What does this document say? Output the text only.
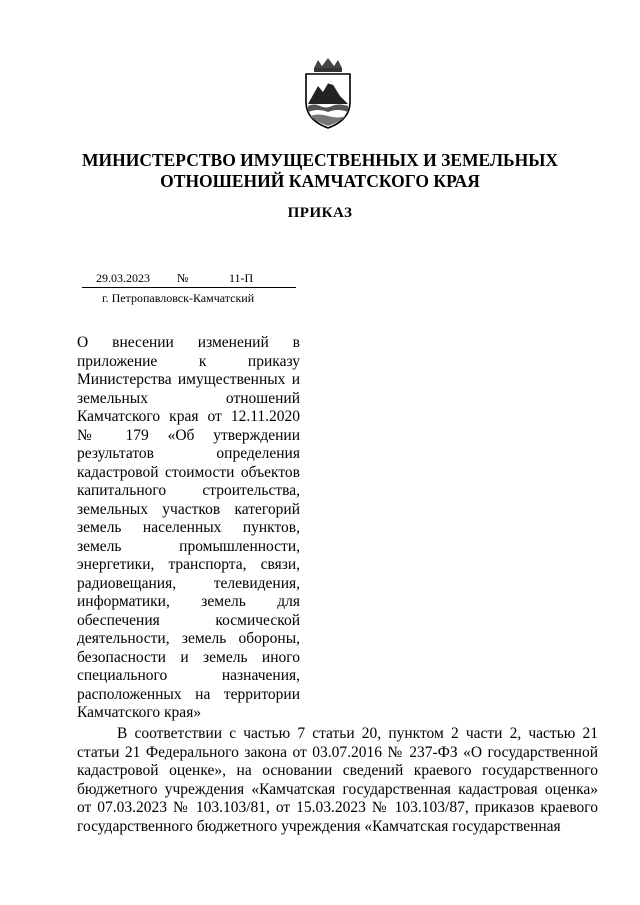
МИНИСТЕРСТВО ИМУЩЕСТВЕННЫХ И ЗЕМЕЛЬНЫХ
ОТНОШЕНИЙ КАМЧАТСКОГО КРАЯ
ПРИКАЗ
29.03.2023 №	11-П
г. Петропавловск-Камчатский
О внесении изменений в приложение к приказу Министерства имущественных и земельных отношений Камчатского края от 12.11.2020 № 179 «Об утверждении результатов определения кадастровой стоимости объектов капитального строительства, земельных участков категорий земель населенных пунктов, земель промышленности, энергетики, транспорта, связи, радиовещания, телевидения, информатики, земель для обеспечения космической деятельности, земель обороны, безопасности и земель иного специального назначения, расположенных на территории Камчатского края»
В соответствии с частью 7 статьи 20, пунктом 2 части 2, частью 21 статьи 21 Федерального закона от 03.07.2016 № 237-ФЗ «О государственной кадастровой оценке», на основании сведений краевого государственного бюджетного учреждения «Камчатская государственная кадастровая оценка» от 07.03.2023 № 103.103/81, от 15.03.2023 № 103.103/87, приказов краевого государственного бюджетного учреждения «Камчатская государственная
